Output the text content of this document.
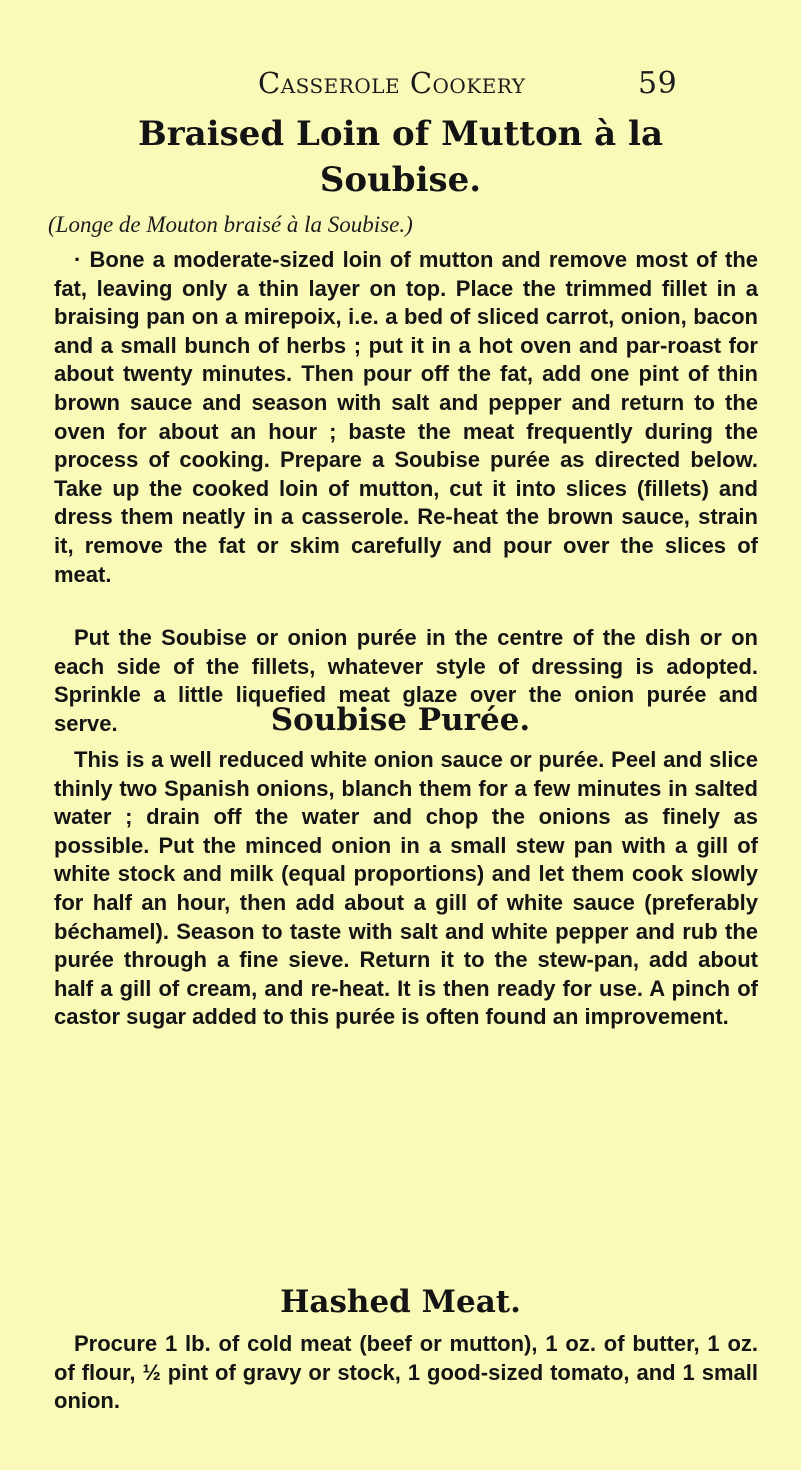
Casserole Cookery	59
Braised Loin of Mutton à la
Soubise.
(Longe de Mouton braisé à la Soubise.)

· Bone a moderate-sized loin of mutton and remove most of the fat, leaving only a thin layer on top. Place the trimmed fillet in a braising pan on a mirepoix, i.e. a bed of sliced carrot, onion, bacon and a small bunch of herbs ; put it in a hot oven and par-roast for about twenty minutes. Then pour off the fat, add one pint of thin brown sauce and season with salt and pepper and return to the oven for about an hour ; baste the meat frequently during the process of cooking. Prepare a Soubise purée as directed below. Take up the cooked loin of mutton, cut it into slices (fillets) and dress them neatly in a casserole. Re-heat the brown sauce, strain it, remove the fat or skim carefully and pour over the slices of meat.

Put the Soubise or onion purée in the centre of the dish or on each side of the fillets, whatever style of dressing is adopted. Sprinkle a little liquefied meat glaze over the onion purée and serve.	Soubise Purée.

This is a well reduced white onion sauce or purée. Peel and slice thinly two Spanish onions, blanch them for a few minutes in salted water ; drain off the water and chop the onions as finely as possible. Put the minced onion in a small stew pan with a gill of white stock and milk (equal proportions) and let them cook slowly for half an hour, then add about a gill of white sauce (preferably béchamel). Season to taste with salt and white pepper and rub the purée through a fine sieve. Return it to the stew-pan, add about half a gill of cream, and re-heat. It is then ready for use. A pinch of castor sugar added to this purée is often found an improvement.

Hashed Meat.

Procure 1 lb. of cold meat (beef or mutton), 1 oz. of butter, 1 oz. of flour, ½ pint of gravy or stock, 1 good-sized tomato, and 1 small onion.
